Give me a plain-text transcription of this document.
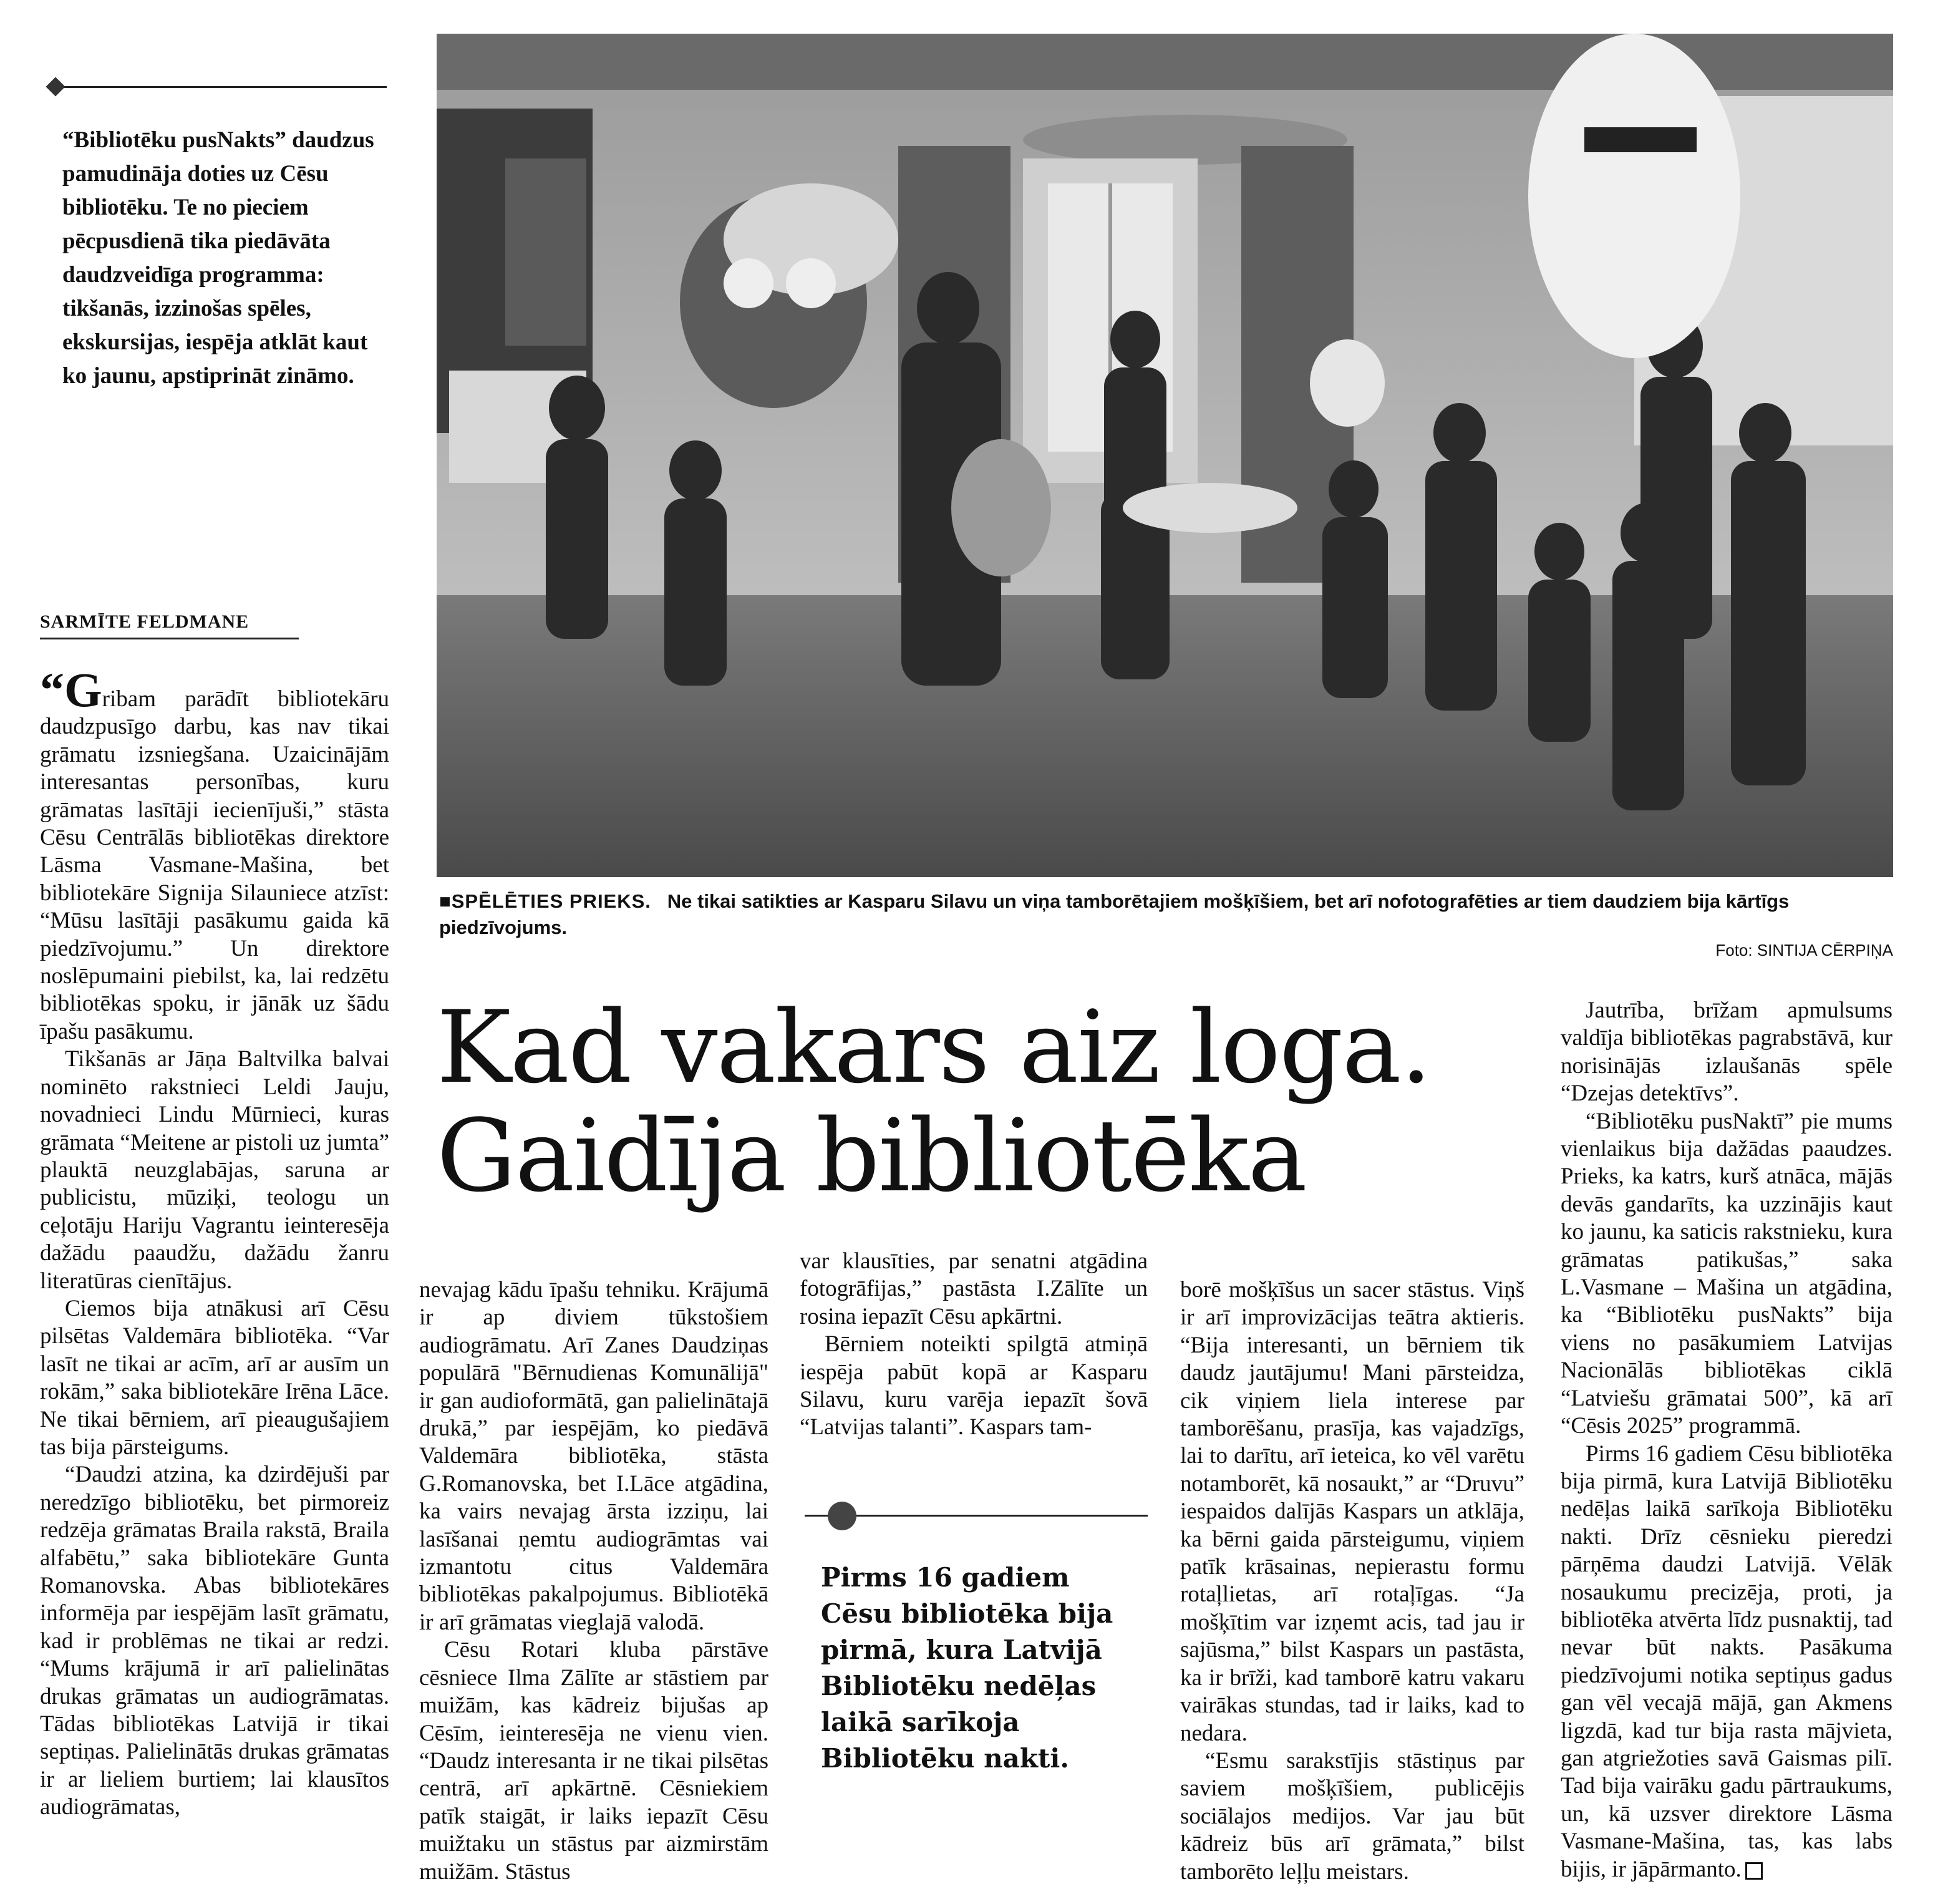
“Bibliotēku pusNakts” daudzus pamudināja doties uz Cēsu bibliotēku. Te no pieciem pēcpusdienā tika piedāvāta daudzveidīga programma: tikšanās, izzinošas spēles, ekskursijas, iespēja atklāt kaut ko jaunu, apstiprināt zināmo.

SARMĪTE FELDMANE

■SPĒLĒTIES PRIEKS. Ne tikai satikties ar Kasparu Silavu un viņa tamborētajiem mošķīšiem, bet arī nofotografēties ar tiem daudziem bija kārtīgs piedzīvojums.

Foto: SINTIJA CĒRPIŅA
Kad vakars aiz loga.
Gaidīja bibliotēka

“Gribam parādīt bibliotekāru daudzpusīgo darbu, kas nav tikai grāmatu izsniegšana. Uzaicinājām interesantas personības, kuru grāmatas lasītāji iecienījuši,” stāsta Cēsu Centrālās bibliotēkas direktore Lāsma Vasmane-Mašina, bet bibliotekāre Signija Silauniece atzīst: “Mūsu lasītāji pasākumu gaida kā piedzīvojumu.” Un direktore noslēpumaini piebilst, ka, lai redzētu bibliotēkas spoku, ir jānāk uz šādu īpašu pasākumu.

Tikšanās ar Jāņa Baltvilka balvai nominēto rakstnieci Leldi Jauju, novadnieci Lindu Mūrnieci, kuras grāmata “Meitene ar pistoli uz jumta” plauktā neuzglabājas, saruna ar publicistu, mūziķi, teologu un ceļotāju Hariju Vagrantu ieinteresēja dažādu paaudžu, dažādu žanru literatūras cienītājus.

Ciemos bija atnākusi arī Cēsu pilsētas Valdemāra bibliotēka. “Var lasīt ne tikai ar acīm, arī ar ausīm un rokām,” saka bibliotekāre Irēna Lāce. Ne tikai bērniem, arī pieaugušajiem tas bija pārsteigums.

“Daudzi atzina, ka dzirdējuši par neredzīgo bibliotēku, bet pirmoreiz redzēja grāmatas Braila rakstā, Braila alfabētu,” saka bibliotekāre Gunta Romanovska. Abas bibliotekāres informēja par iespējām lasīt grāmatu, kad ir problēmas ne tikai ar redzi. “Mums krājumā ir arī palielinātas drukas grāmatas un audiogrāmatas. Tādas bibliotēkas Latvijā ir tikai septiņas. Palielinātās drukas grāmatas ir ar lieliem burtiem; lai klausītos audiogrāmatas,

nevajag kādu īpašu tehniku. Krājumā ir ap diviem tūkstošiem audiogrāmatu. Arī Zanes Daudziņas populārā "Bērnudienas Komunālijā" ir gan audioformātā, gan palielinātajā drukā,” par iespējām, ko piedāvā Valdemāra bibliotēka, stāsta G.Romanovska, bet I.Lāce atgādina, ka vairs nevajag ārsta izziņu, lai lasīšanai ņemtu audiogrāmtas vai izmantotu citus Valdemāra bibliotēkas pakalpojumus. Bibliotēkā ir arī grāmatas vieglajā valodā.

Cēsu Rotari kluba pārstāve cēsniece Ilma Zālīte ar stāstiem par muižām, kas kādreiz bijušas ap Cēsīm, ieinteresēja ne vienu vien. “Daudz interesanta ir ne tikai pilsētas centrā, arī apkārtnē. Cēsniekiem patīk staigāt, ir laiks iepazīt Cēsu muižtaku un stāstus par aizmirstām muižām. Stāstus

var klausīties, par senatni atgādina fotogrāfijas,” pastāsta I.Zālīte un rosina iepazīt Cēsu apkārtni.

Bērniem noteikti spilgtā atmiņā iespēja pabūt kopā ar Kasparu Silavu, kuru varēja iepazīt šovā “Latvijas talanti”. Kaspars tam-

Pirms 16 gadiem Cēsu bibliotēka bija pirmā, kura Latvijā Bibliotēku nedēļas laikā sarīkoja Bibliotēku nakti.

borē mošķīšus un sacer stāstus. Viņš ir arī improvizācijas teātra aktieris. “Bija interesanti, un bērniem tik daudz jautājumu! Mani pārsteidza, cik viņiem liela interese par tamborēšanu, prasīja, kas vajadzīgs, lai to darītu, arī ieteica, ko vēl varētu notamborēt, kā nosaukt,” ar “Druvu” iespaidos dalījās Kaspars un atklāja, ka bērni gaida pārsteigumu, viņiem patīk krāsainas, nepierastu formu rotaļlietas, arī rotaļīgas. “Ja mošķītim var izņemt acis, tad jau ir sajūsma,” bilst Kaspars un pastāsta, ka ir brīži, kad tamborē katru vakaru vairākas stundas, tad ir laiks, kad to nedara.

“Esmu sarakstījis stāstiņus par saviem mošķīšiem, publicējis sociālajos medijos. Var jau būt kādreiz būs arī grāmata,” bilst tamborēto leļļu meistars.

Jautrība, brīžam apmulsums valdīja bibliotēkas pagrabstāvā, kur norisinājās izlaušanās spēle “Dzejas detektīvs”.

“Bibliotēku pusNaktī” pie mums vienlaikus bija dažādas paaudzes. Prieks, ka katrs, kurš atnāca, mājās devās gandarīts, ka uzzinājis kaut ko jaunu, ka saticis rakstnieku, kura grāmatas patikušas,” saka L.Vasmane – Mašina un atgādina, ka “Bibliotēku pusNakts” bija viens no pasākumiem Latvijas Nacionālās bibliotēkas ciklā “Latviešu grāmatai 500”, kā arī “Cēsis 2025” programmā.

Pirms 16 gadiem Cēsu bibliotēka bija pirmā, kura Latvijā Bibliotēku nedēļas laikā sarīkoja Bibliotēku nakti. Drīz cēsnieku pieredzi pārņēma daudzi Latvijā. Vēlāk nosaukumu precizēja, proti, ja bibliotēka atvērta līdz pusnaktij, tad nevar būt nakts. Pasākuma piedzīvojumi notika septiņus gadus gan vēl vecajā mājā, gan Akmens ligzdā, kad tur bija rasta mājvieta, gan atgriežoties savā Gaismas pilī. Tad bija vairāku gadu pārtraukums, un, kā uzsver direktore Lāsma Vasmane-Mašina, tas, kas labs bijis, ir jāpārmanto.
